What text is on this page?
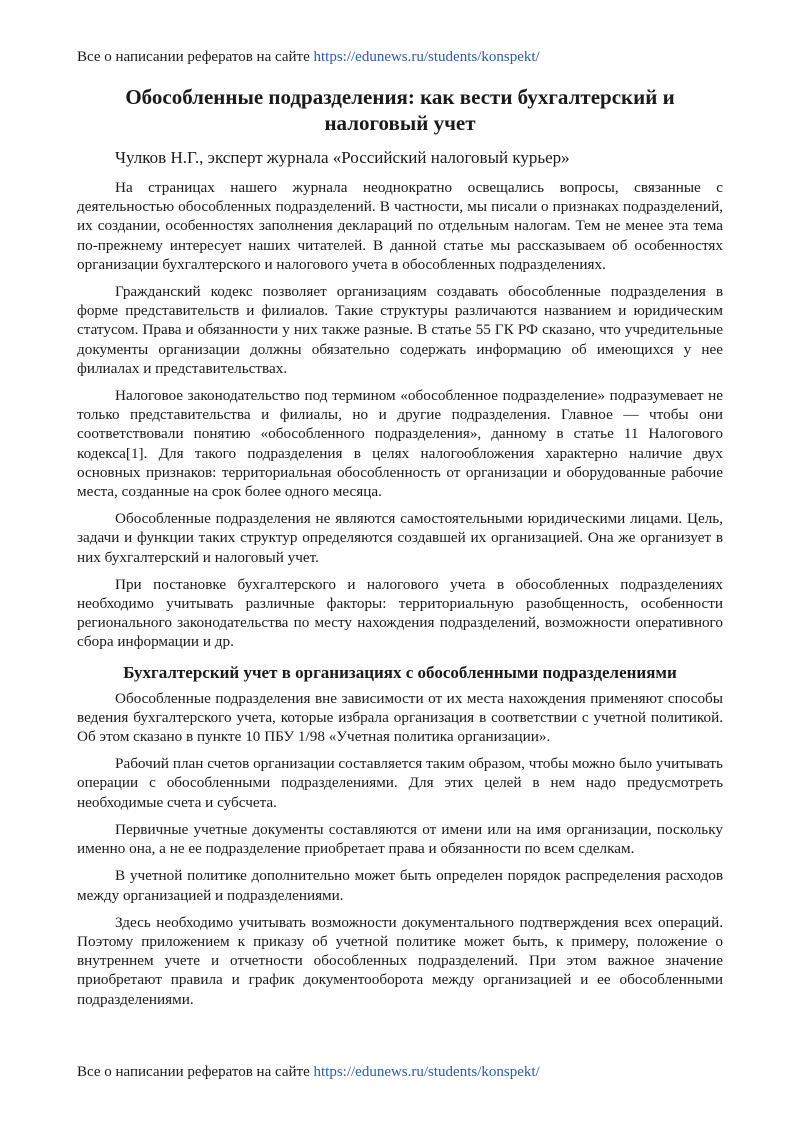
Все о написании рефератов на сайте https://edunews.ru/students/konspekt/
Обособленные подразделения: как вести бухгалтерский и налоговый учет

Чулков Н.Г., эксперт журнала «Российский налоговый курьер»

На страницах нашего журнала неоднократно освещались вопросы, связанные с деятельностью обособленных подразделений. В частности, мы писали о признаках подразделений, их создании, особенностях заполнения деклараций по отдельным налогам. Тем не менее эта тема по-прежнему интересует наших читателей. В данной статье мы рассказываем об особенностях организации бухгалтерского и налогового учета в обособленных подразделениях.

Гражданский кодекс позволяет организациям создавать обособленные подразделения в форме представительств и филиалов. Такие структуры различаются названием и юридическим статусом. Права и обязанности у них также разные. В статье 55 ГК РФ сказано, что учредительные документы организации должны обязательно содержать информацию об имеющихся у нее филиалах и представительствах.

Налоговое законодательство под термином «обособленное подразделение» подразумевает не только представительства и филиалы, но и другие подразделения. Главное — чтобы они соответствовали понятию «обособленного подразделения», данному в статье 11 Налогового кодекса[1]. Для такого подразделения в целях налогообложения характерно наличие двух основных признаков: территориальная обособленность от организации и оборудованные рабочие места, созданные на срок более одного месяца.

Обособленные подразделения не являются самостоятельными юридическими лицами. Цель, задачи и функции таких структур определяются создавшей их организацией. Она же организует в них бухгалтерский и налоговый учет.

При постановке бухгалтерского и налогового учета в обособленных подразделениях необходимо учитывать различные факторы: территориальную разобщенность, особенности регионального законодательства по месту нахождения подразделений, возможности оперативного сбора информации и др.

Бухгалтерский учет в организациях с обособленными подразделениями

Обособленные подразделения вне зависимости от их места нахождения применяют способы ведения бухгалтерского учета, которые избрала организация в соответствии с учетной политикой. Об этом сказано в пункте 10 ПБУ 1/98 «Учетная политика организации».

Рабочий план счетов организации составляется таким образом, чтобы можно было учитывать операции с обособленными подразделениями. Для этих целей в нем надо предусмотреть необходимые счета и субсчета.

Первичные учетные документы составляются от имени или на имя организации, поскольку именно она, а не ее подразделение приобретает права и обязанности по всем сделкам.

В учетной политике дополнительно может быть определен порядок распределения расходов между организацией и подразделениями.

Здесь необходимо учитывать возможности документального подтверждения всех операций. Поэтому приложением к приказу об учетной политике может быть, к примеру, положение о внутреннем учете и отчетности обособленных подразделений. При этом важное значение приобретают правила и график документооборота между организацией и ее обособленными подразделениями.

Все о написании рефератов на сайте https://edunews.ru/students/konspekt/
